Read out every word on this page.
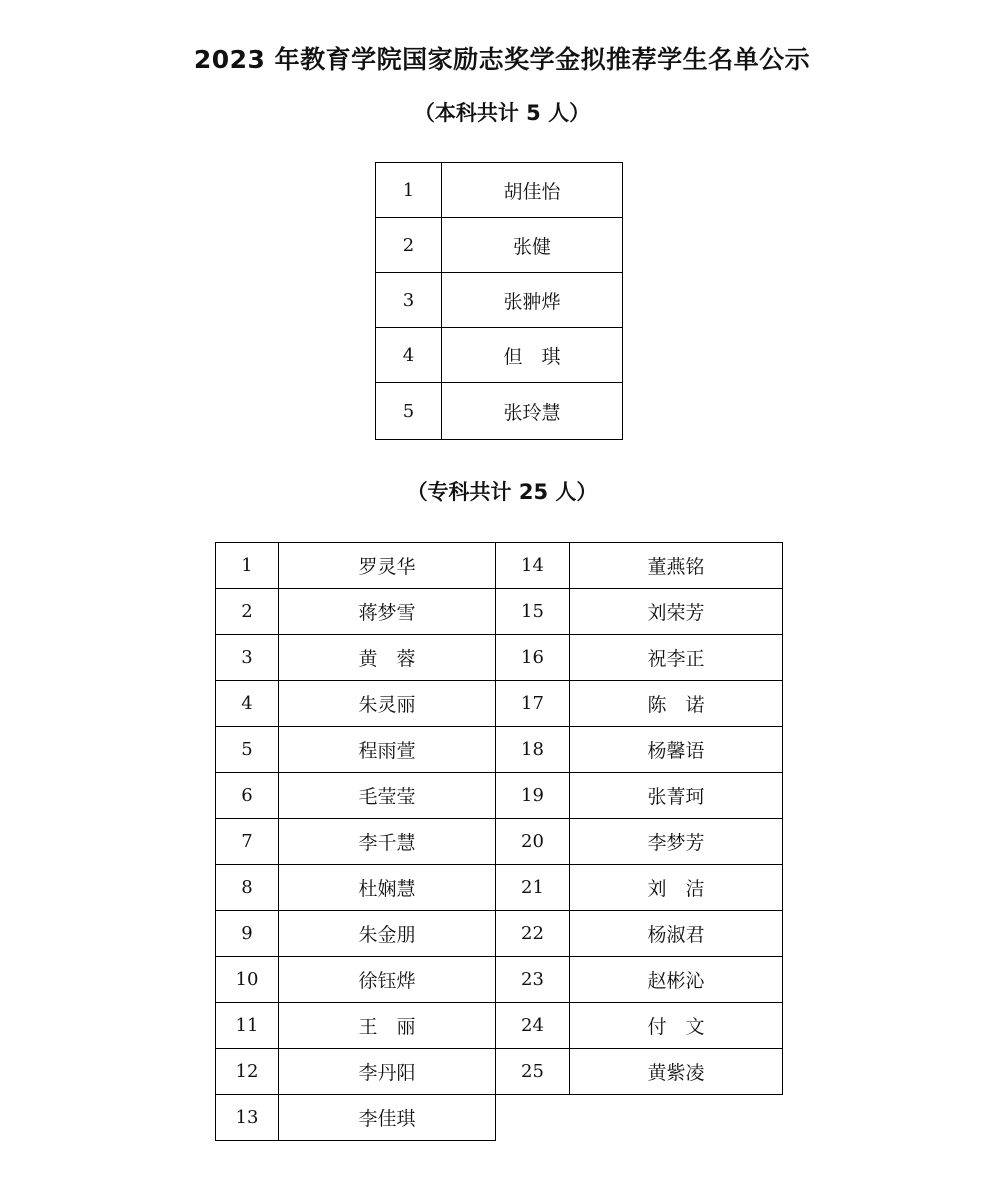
2023 年教育学院国家励志奖学金拟推荐学生名单公示
（本科共计 5 人）
1	胡佳怡
2	张健
3	张翀烨
4	但　琪
5	张玲慧
（专科共计 25 人）
1	罗灵华	14	董燕铭
2	蒋梦雪	15	刘荣芳
3	黄　蓉	16	祝李正
4	朱灵丽	17	陈　诺
5	程雨萱	18	杨馨语
6	毛莹莹	19	张菁珂
7	李千慧	20	李梦芳
8	杜娴慧	21	刘　洁
9	朱金朋	22	杨淑君
10	徐钰烨	23	赵彬沁
11	王　丽	24	付　文
12	李丹阳	25	黄紫凌
13	李佳琪		
